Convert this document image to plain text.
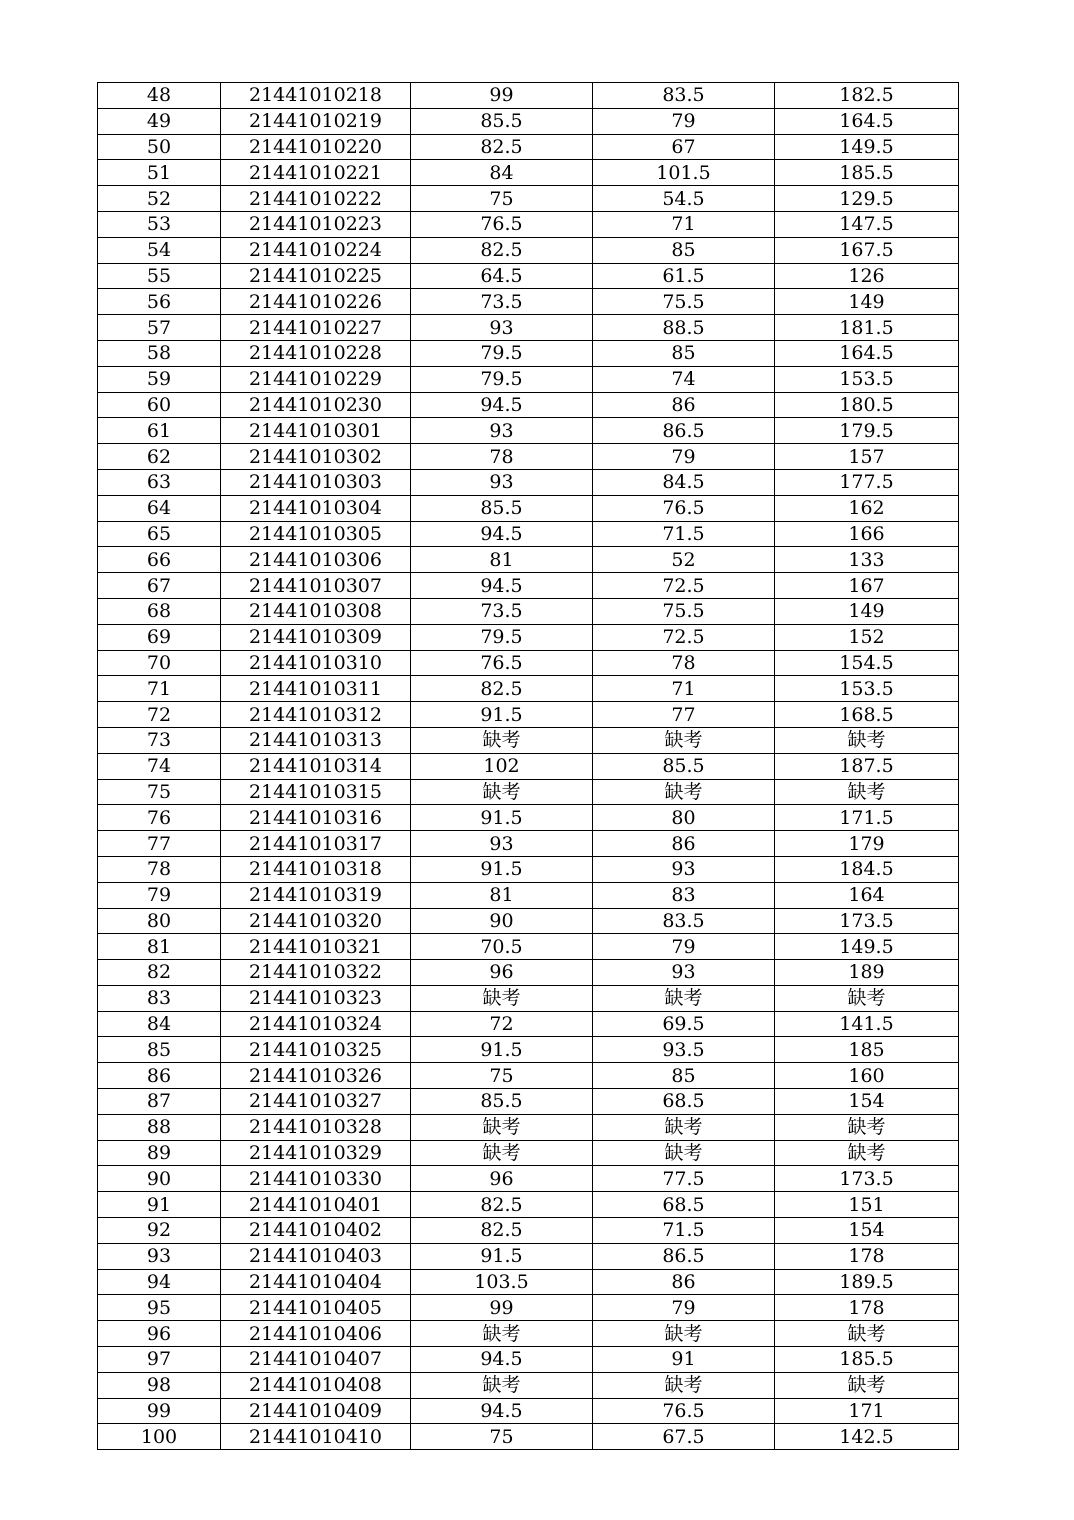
48	21441010218	99	83.5	182.5
49	21441010219	85.5	79	164.5
50	21441010220	82.5	67	149.5
51	21441010221	84	101.5	185.5
52	21441010222	75	54.5	129.5
53	21441010223	76.5	71	147.5
54	21441010224	82.5	85	167.5
55	21441010225	64.5	61.5	126
56	21441010226	73.5	75.5	149
57	21441010227	93	88.5	181.5
58	21441010228	79.5	85	164.5
59	21441010229	79.5	74	153.5
60	21441010230	94.5	86	180.5
61	21441010301	93	86.5	179.5
62	21441010302	78	79	157
63	21441010303	93	84.5	177.5
64	21441010304	85.5	76.5	162
65	21441010305	94.5	71.5	166
66	21441010306	81	52	133
67	21441010307	94.5	72.5	167
68	21441010308	73.5	75.5	149
69	21441010309	79.5	72.5	152
70	21441010310	76.5	78	154.5
71	21441010311	82.5	71	153.5
72	21441010312	91.5	77	168.5
73	21441010313	缺考	缺考	缺考
74	21441010314	102	85.5	187.5
75	21441010315	缺考	缺考	缺考
76	21441010316	91.5	80	171.5
77	21441010317	93	86	179
78	21441010318	91.5	93	184.5
79	21441010319	81	83	164
80	21441010320	90	83.5	173.5
81	21441010321	70.5	79	149.5
82	21441010322	96	93	189
83	21441010323	缺考	缺考	缺考
84	21441010324	72	69.5	141.5
85	21441010325	91.5	93.5	185
86	21441010326	75	85	160
87	21441010327	85.5	68.5	154
88	21441010328	缺考	缺考	缺考
89	21441010329	缺考	缺考	缺考
90	21441010330	96	77.5	173.5
91	21441010401	82.5	68.5	151
92	21441010402	82.5	71.5	154
93	21441010403	91.5	86.5	178
94	21441010404	103.5	86	189.5
95	21441010405	99	79	178
96	21441010406	缺考	缺考	缺考
97	21441010407	94.5	91	185.5
98	21441010408	缺考	缺考	缺考
99	21441010409	94.5	76.5	171
100	21441010410	75	67.5	142.5
